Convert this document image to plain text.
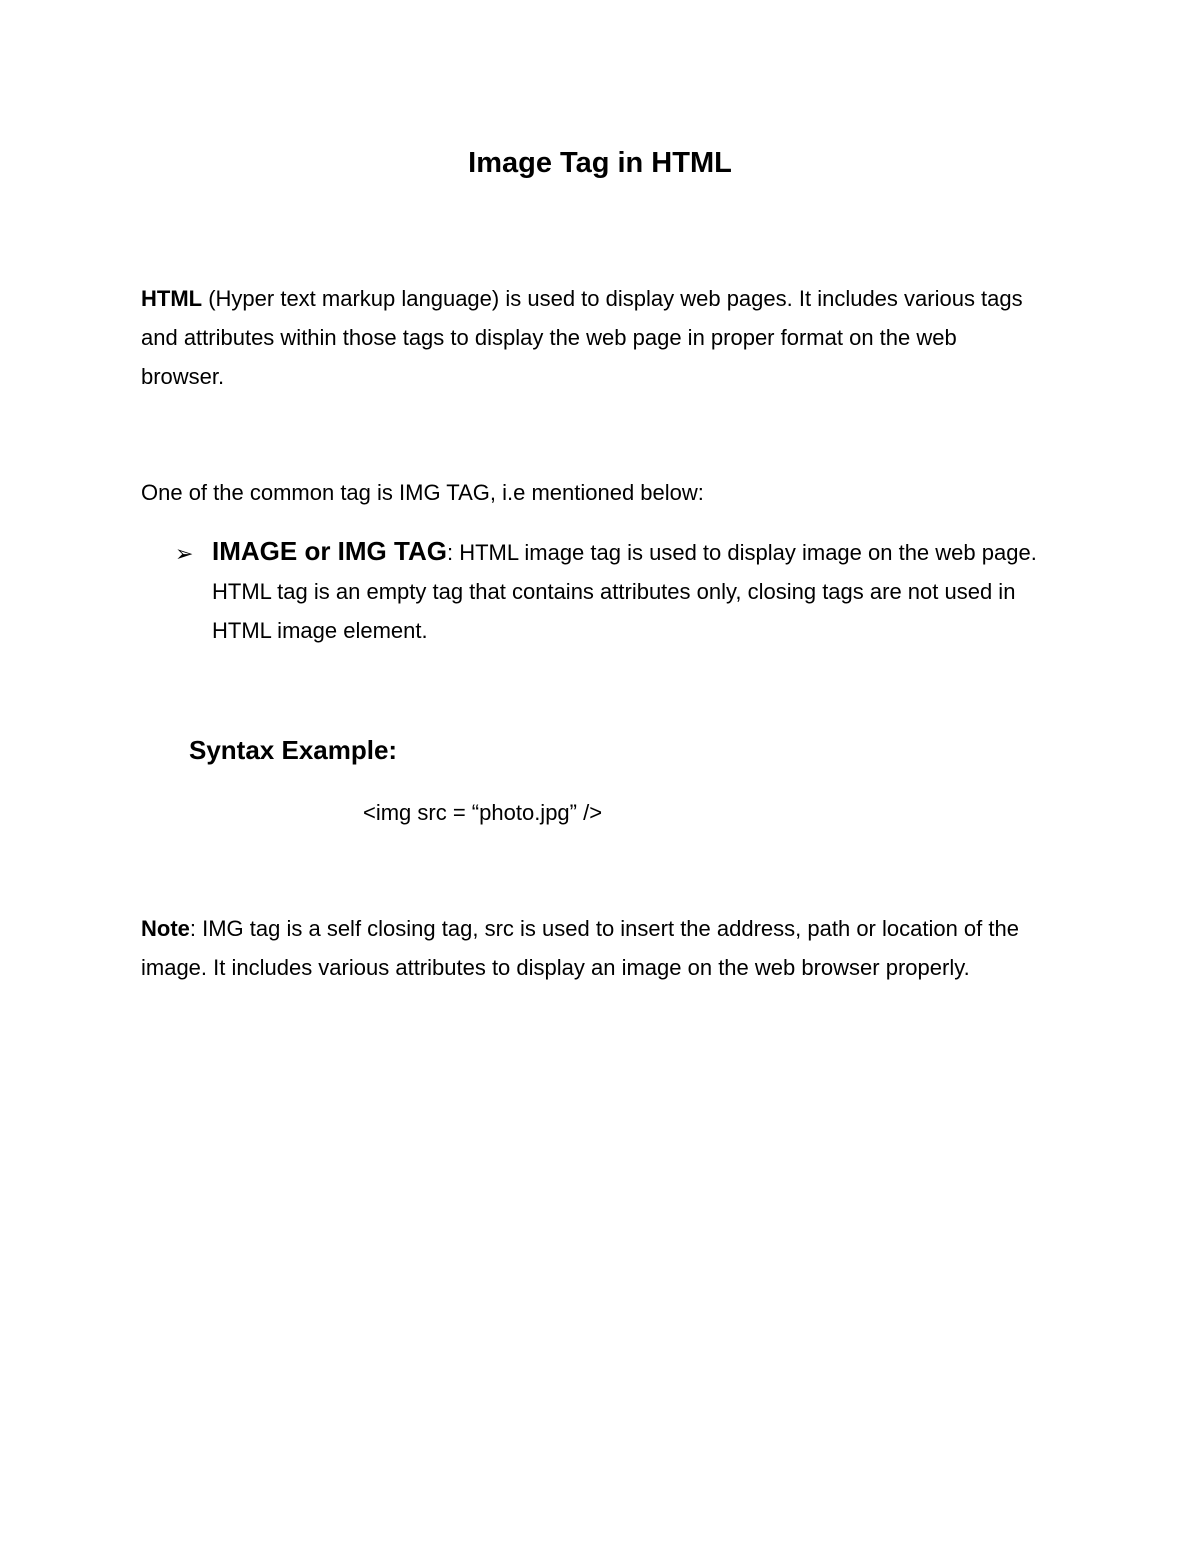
Image Tag in HTML
HTML (Hyper text markup language) is used to display web pages. It includes various tags and attributes within those tags to display the web page in proper format on the web browser.
One of the common tag is IMG TAG, i.e mentioned below:
➢ IMAGE or IMG TAG: HTML image tag is used to display image on the web page. HTML tag is an empty tag that contains attributes only, closing tags are not used in HTML image element.
Syntax Example:
<img src = “photo.jpg” />
Note: IMG tag is a self closing tag, src is used to insert the address, path or location of the image. It includes various attributes to display an image on the web browser properly.
